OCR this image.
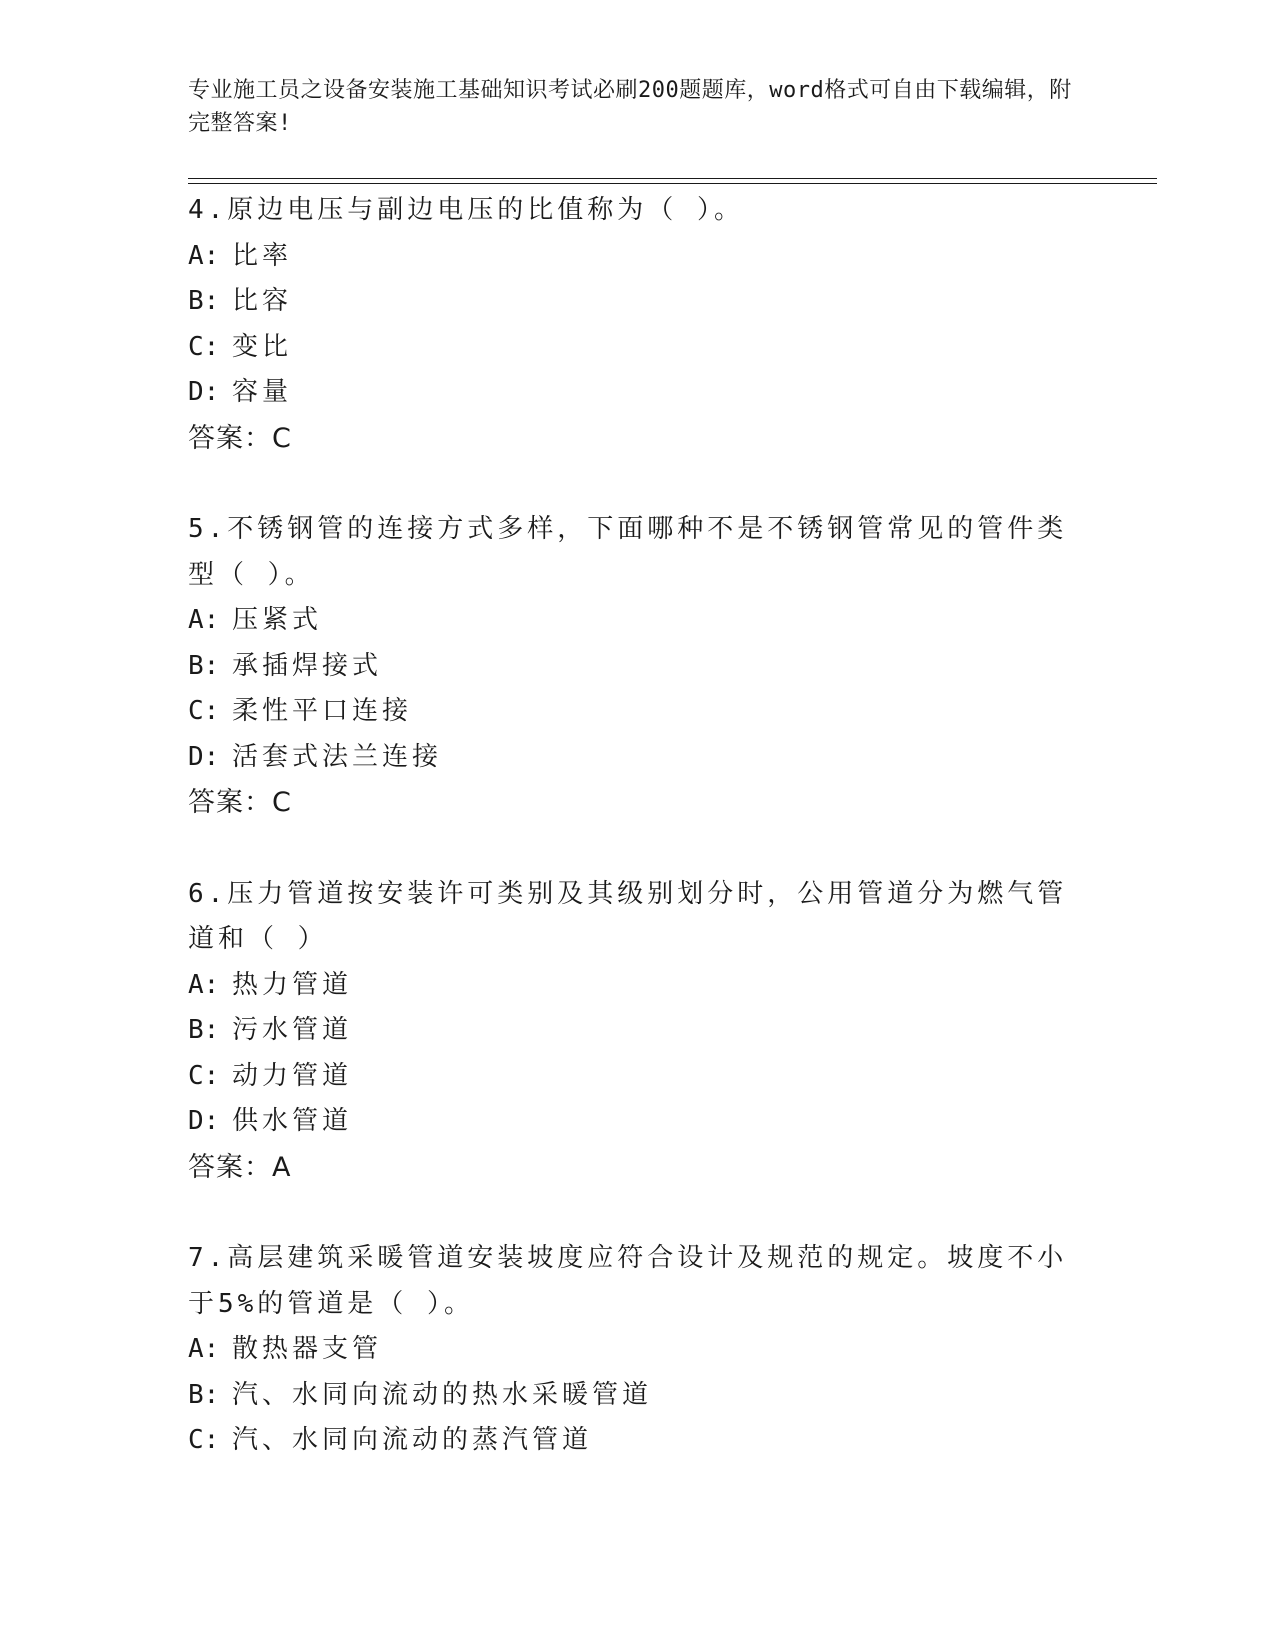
专业施工员之设备安装施工基础知识考试必刷200题题库，word格式可自由下载编辑，附完整答案!
4.原边电压与副边电压的比值称为（ ）。
A: 比率
B: 比容
C: 变比
D: 容量
答案：C
5.不锈钢管的连接方式多样，下面哪种不是不锈钢管常见的管件类型（ ）。
A: 压紧式
B: 承插焊接式
C: 柔性平口连接
D: 活套式法兰连接
答案：C
6.压力管道按安装许可类别及其级别划分时，公用管道分为燃气管道和（ ）
A: 热力管道
B: 污水管道
C: 动力管道
D: 供水管道
答案：A
7.高层建筑采暖管道安装坡度应符合设计及规范的规定。坡度不小于5%的管道是（ ）。
A: 散热器支管
B: 汽、水同向流动的热水采暖管道
C: 汽、水同向流动的蒸汽管道
